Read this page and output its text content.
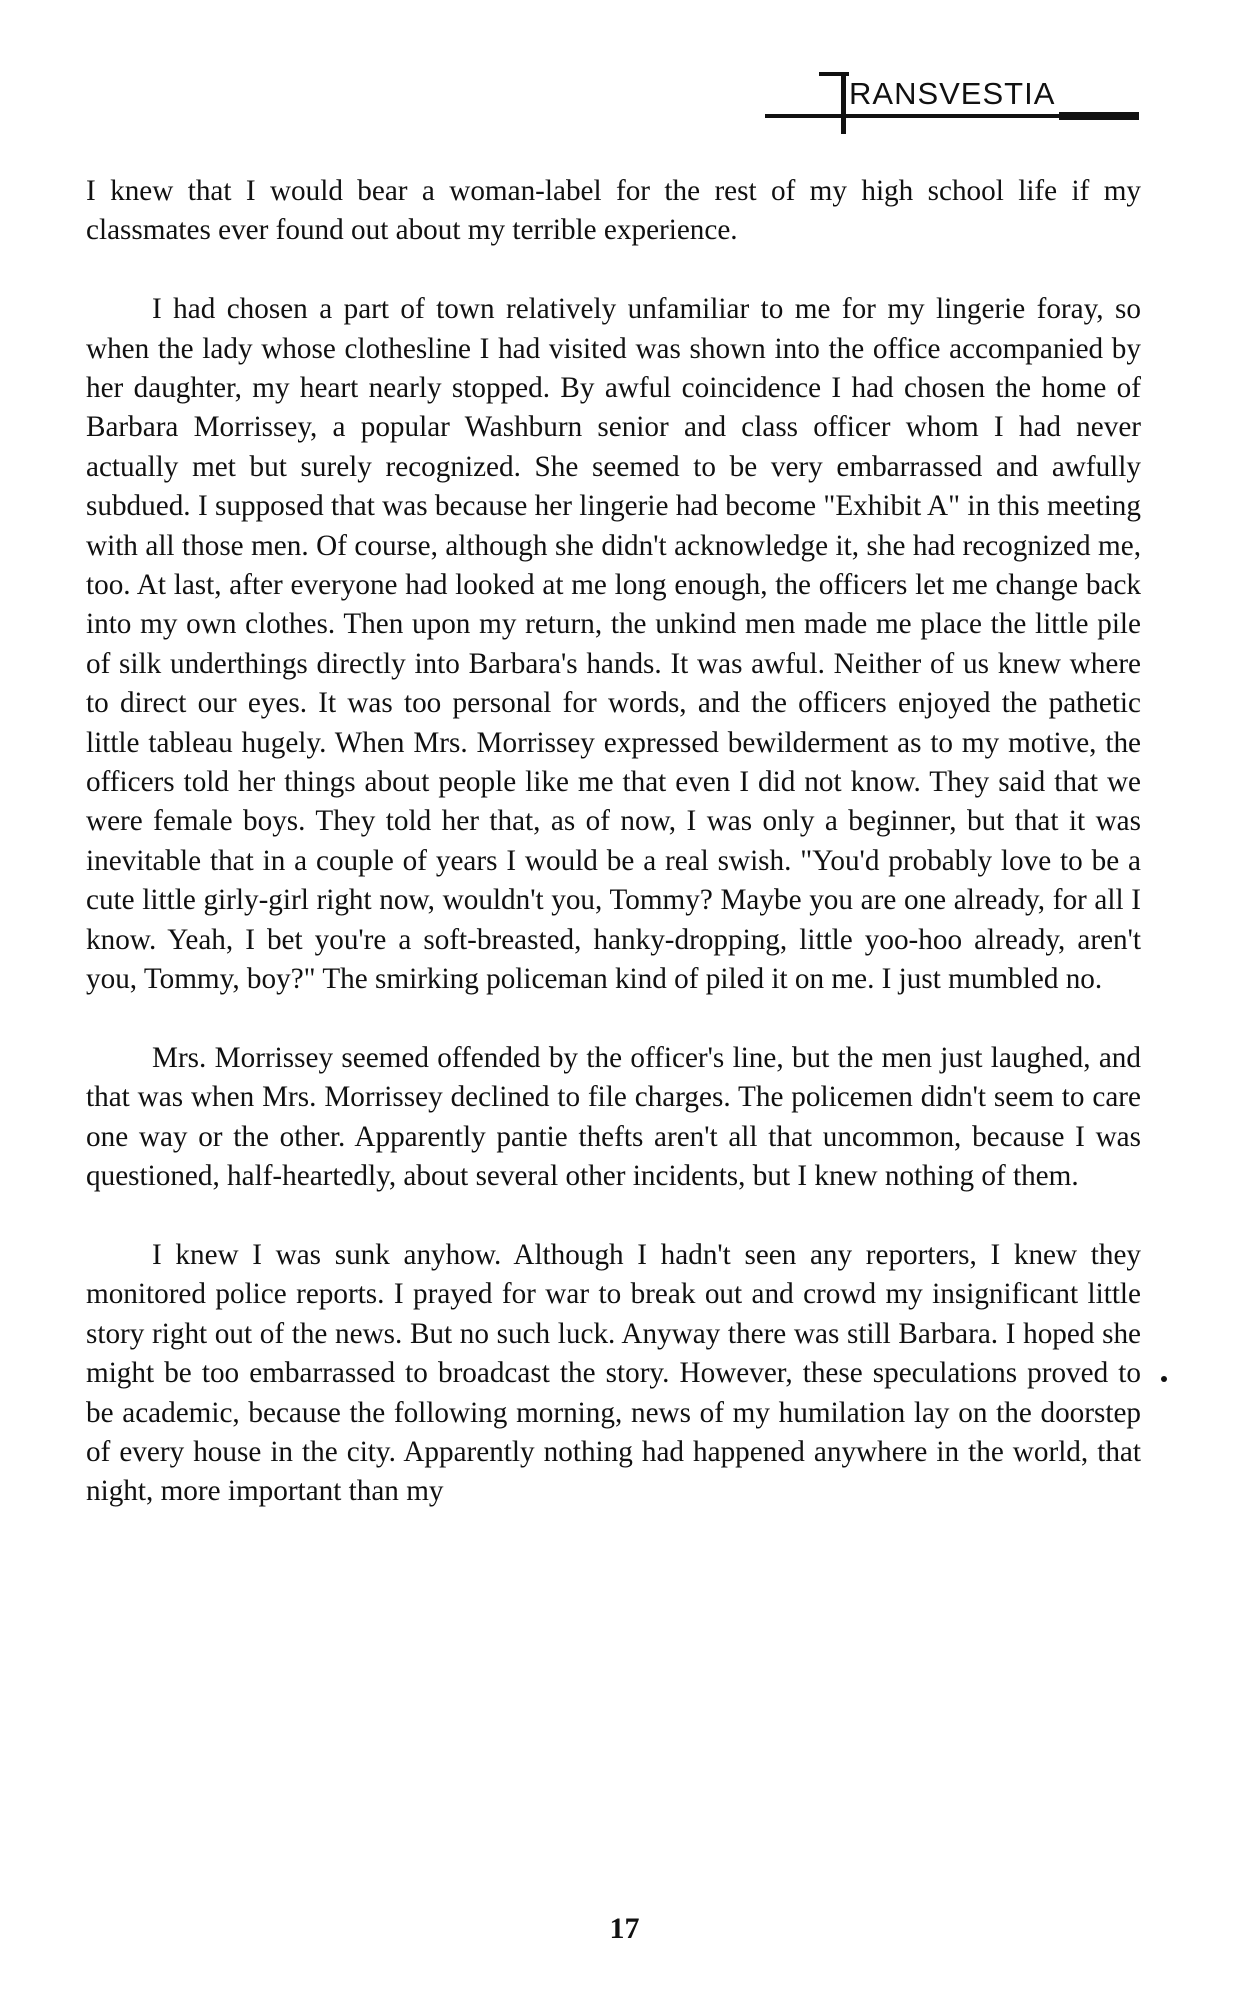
RANSVESTIA

I knew that I would bear a woman-label for the rest of my high school life if my classmates ever found out about my terrible experience.

I had chosen a part of town relatively unfamiliar to me for my lingerie foray, so when the lady whose clothesline I had visited was shown into the office accompanied by her daughter, my heart nearly stopped. By awful coincidence I had chosen the home of Barbara Morrissey, a popular Washburn senior and class officer whom I had never actually met but surely recognized. She seemed to be very embarrassed and awfully subdued. I supposed that was because her lingerie had become "Exhibit A" in this meeting with all those men. Of course, although she didn't acknowledge it, she had recognized me, too. At last, after everyone had looked at me long enough, the officers let me change back into my own clothes. Then upon my return, the unkind men made me place the little pile of silk underthings directly into Barbara's hands. It was awful. Neither of us knew where to direct our eyes. It was too personal for words, and the officers enjoyed the pathetic little tableau hugely. When Mrs. Morrissey expressed bewilderment as to my motive, the officers told her things about people like me that even I did not know. They said that we were female boys. They told her that, as of now, I was only a beginner, but that it was inevitable that in a couple of years I would be a real swish. "You'd probably love to be a cute little girly-girl right now, wouldn't you, Tommy? Maybe you are one already, for all I know. Yeah, I bet you're a soft-breasted, hanky-dropping, little yoo-hoo already, aren't you, Tommy, boy?" The smirking policeman kind of piled it on me. I just mumbled no.

Mrs. Morrissey seemed offended by the officer's line, but the men just laughed, and that was when Mrs. Morrissey declined to file charges. The policemen didn't seem to care one way or the other. Apparently pantie thefts aren't all that uncommon, because I was questioned, half-heartedly, about several other incidents, but I knew nothing of them.

I knew I was sunk anyhow. Although I hadn't seen any reporters, I knew they monitored police reports. I prayed for war to break out and crowd my insignificant little story right out of the news. But no such luck. Anyway there was still Barbara. I hoped she might be too embarrassed to broadcast the story. However, these speculations proved to be academic, because the following morning, news of my humilation lay on the doorstep of every house in the city. Apparently nothing had happened anywhere in the world, that night, more important than my

17
